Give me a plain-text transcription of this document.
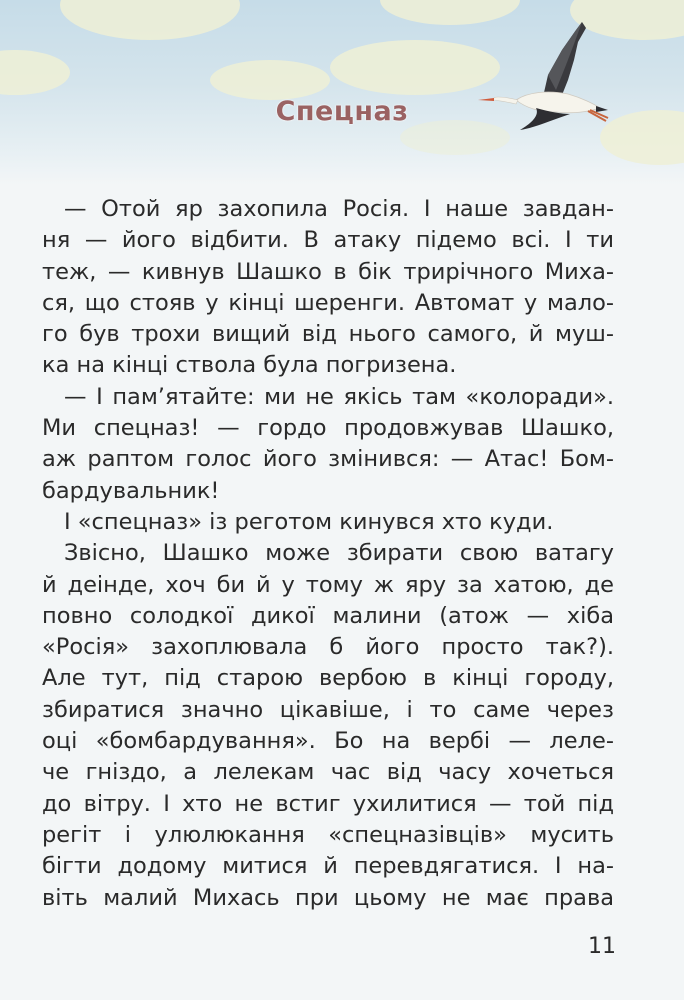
Спецназ
— Отой яр захопила Росія. І наше завдан-
ня — його відбити. В атаку підемо всі. І ти
теж, — кивнув Шашко в бік трирічного Миха-
ся, що стояв у кінці шеренги. Автомат у мало-
го був трохи вищий від нього самого, й муш-
ка на кінці ствола була погризена.
— І пам’ятайте: ми не якісь там «колоради».
Ми спецназ! — гордо продовжував Шашко,
аж раптом голос його змінився: — Атас! Бом-
бардувальник!
І «спецназ» із реготом кинувся хто куди.
Звісно, Шашко може збирати свою ватагу
й деінде, хоч би й у тому ж яру за хатою, де
повно солодкої дикої малини (атож — хіба
«Росія» захоплювала б його просто так?).
Але тут, під старою вербою в кінці городу,
збиратися значно цікавіше, і то саме через
оці «бомбардування». Бо на вербі — леле-
че гніздо, а лелекам час від часу хочеться
до вітру. І хто не встиг ухилитися — той під
регіт і улюлюкання «спецназівців» мусить
бігти додому митися й перевдягатися. І на-
віть малий Михась при цьому не має права
11
